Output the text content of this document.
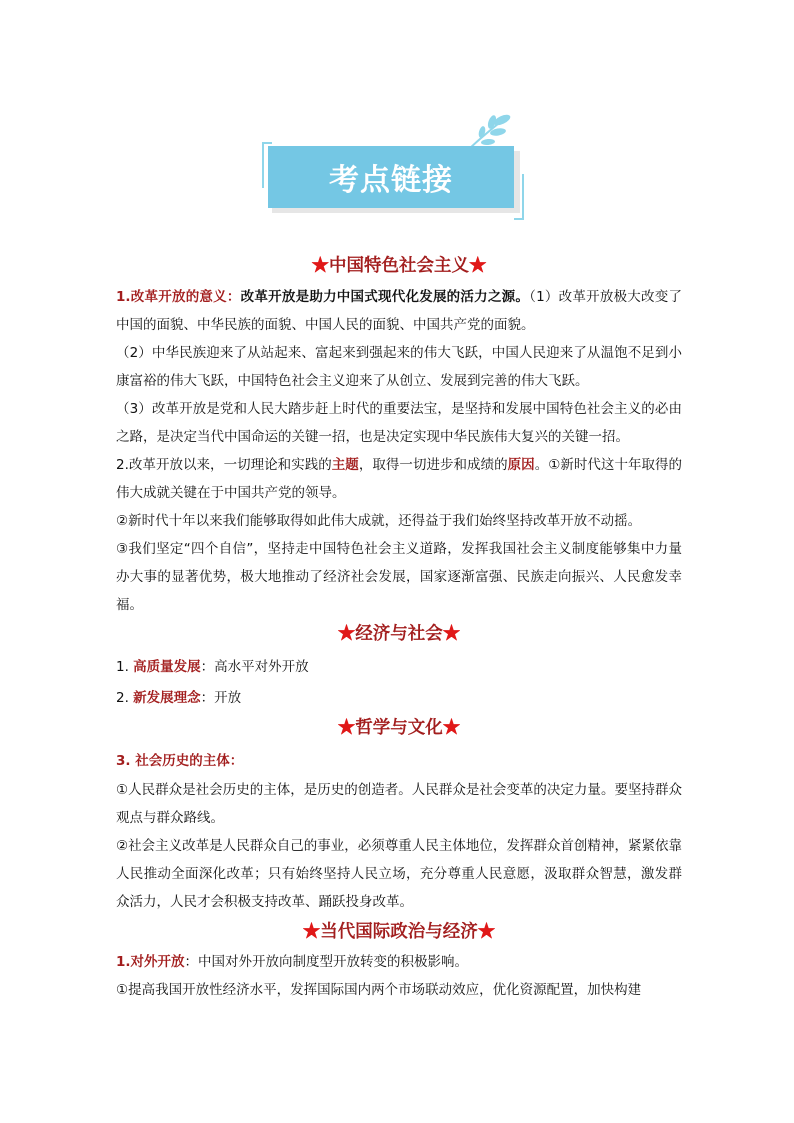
考点链接
★中国特色社会主义★

1.改革开放的意义：改革开放是助力中国式现代化发展的活力之源。（1）改革开放极大改变了中国的面貌、中华民族的面貌、中国人民的面貌、中国共产党的面貌。

（2）中华民族迎来了从站起来、富起来到强起来的伟大飞跃，中国人民迎来了从温饱不足到小康富裕的伟大飞跃，中国特色社会主义迎来了从创立、发展到完善的伟大飞跃。

（3）改革开放是党和人民大踏步赶上时代的重要法宝，是坚持和发展中国特色社会主义的必由之路，是决定当代中国命运的关键一招，也是决定实现中华民族伟大复兴的关键一招。

2.改革开放以来，一切理论和实践的主题，取得一切进步和成绩的原因。①新时代这十年取得的伟大成就关键在于中国共产党的领导。

②新时代十年以来我们能够取得如此伟大成就，还得益于我们始终坚持改革开放不动摇。

③我们坚定“四个自信”，坚持走中国特色社会主义道路，发挥我国社会主义制度能够集中力量办大事的显著优势，极大地推动了经济社会发展，国家逐渐富强、民族走向振兴、人民愈发幸福。

★经济与社会★

1. 高质量发展：高水平对外开放

2. 新发展理念：开放

★哲学与文化★

3. 社会历史的主体：

①人民群众是社会历史的主体，是历史的创造者。人民群众是社会变革的决定力量。要坚持群众观点与群众路线。

②社会主义改革是人民群众自己的事业，必须尊重人民主体地位，发挥群众首创精神，紧紧依靠人民推动全面深化改革；只有始终坚持人民立场，充分尊重人民意愿，汲取群众智慧，激发群众活力，人民才会积极支持改革、踊跃投身改革。

★当代国际政治与经济★

1.对外开放：中国对外开放向制度型开放转变的积极影响。

①提高我国开放性经济水平，发挥国际国内两个市场联动效应，优化资源配置，加快构建
